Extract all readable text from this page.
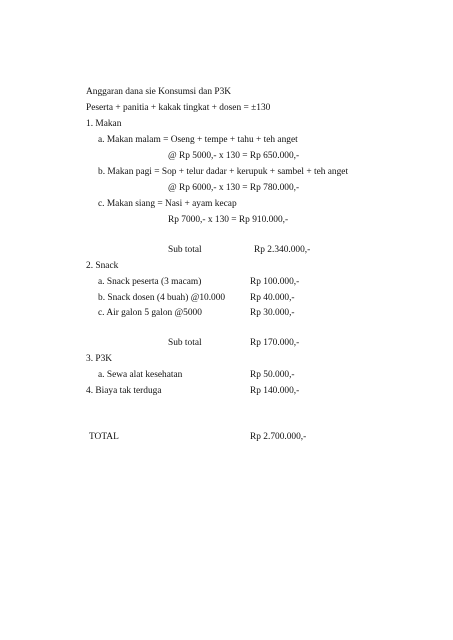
Anggaran dana sie Konsumsi dan P3K
Peserta + panitia + kakak tingkat + dosen = ±130
1. Makan
a. Makan malam = Oseng + tempe + tahu + teh anget
@ Rp 5000,- x 130 = Rp 650.000,-
b. Makan pagi = Sop + telur dadar + kerupuk + sambel + teh anget
@ Rp 6000,- x 130 = Rp 780.000,-
c. Makan siang = Nasi + ayam kecap
Rp 7000,- x 130 = Rp 910.000,-
Sub total	Rp 2.340.000,-
2. Snack
a. Snack peserta (3 macam)	Rp 100.000,-
b. Snack dosen (4 buah) @10.000	Rp 40.000,-
c. Air galon 5 galon @5000	Rp 30.000,-
Sub total	Rp 170.000,-
3. P3K
a. Sewa alat kesehatan	Rp 50.000,-
4. Biaya tak terduga	Rp 140.000,-
TOTAL	Rp 2.700.000,-
